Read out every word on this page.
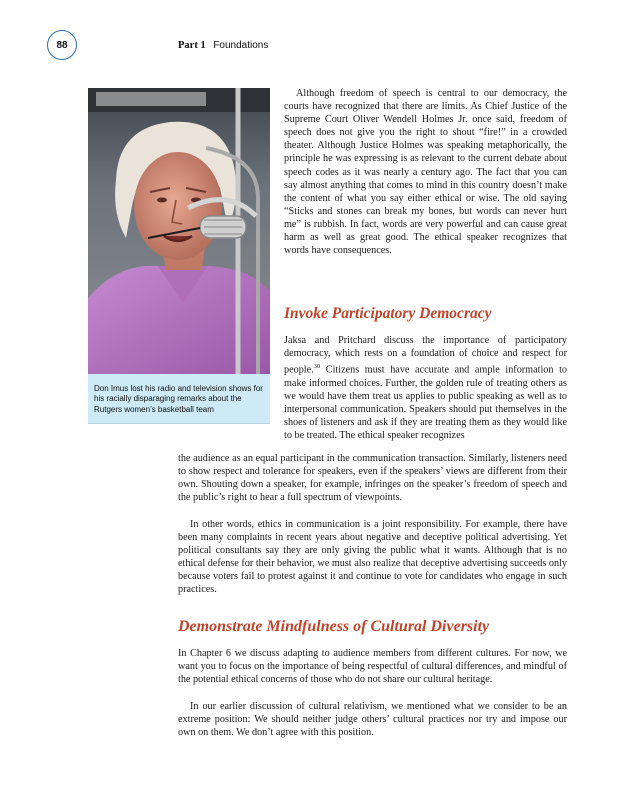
88	Part 1 Foundations
Don Imus lost his radio and television shows for his racially disparaging remarks about the Rutgers women’s basketball team

Although freedom of speech is central to our democracy, the courts have recognized that there are limits. As Chief Justice of the Supreme Court Oliver Wendell Holmes Jr. once said, freedom of speech does not give you the right to shout “fire!” in a crowded theater. Although Justice Holmes was speaking metaphorically, the principle he was expressing is as relevant to the current debate about speech codes as it was nearly a century ago. The fact that you can say almost anything that comes to mind in this country doesn’t make the content of what you say either ethical or wise. The old saying “Sticks and stones can break my bones, but words can never hurt me” is rubbish. In fact, words are very powerful and can cause great harm as well as great good. The ethical speaker recognizes that words have consequences.

Invoke Participatory Democracy

Jaksa and Pritchard discuss the importance of participatory democracy, which rests on a foundation of choice and respect for people.$^{30}$ Citizens must have accurate and ample information to make informed choices. Further, the golden rule of treating others as we would have them treat us applies to public speaking as well as to interpersonal communication. Speakers should put themselves in the shoes of listeners and ask if they are treating them as they would like to be treated. The ethical speaker recognizes

the audience as an equal participant in the communication transaction. Similarly, listeners need to show respect and tolerance for speakers, even if the speakers’ views are different from their own. Shouting down a speaker, for example, infringes on the speaker’s freedom of speech and the public’s right to hear a full spectrum of viewpoints.

In other words, ethics in communication is a joint responsibility. For example, there have been many complaints in recent years about negative and deceptive political advertising. Yet political consultants say they are only giving the public what it wants. Although that is no ethical defense for their behavior, we must also realize that deceptive advertising succeeds only because voters fail to protest against it and continue to vote for candidates who engage in such practices.

Demonstrate Mindfulness of Cultural Diversity

In Chapter 6 we discuss adapting to audience members from different cultures. For now, we want you to focus on the importance of being respectful of cultural differences, and mindful of the potential ethical concerns of those who do not share our cultural heritage.

In our earlier discussion of cultural relativism, we mentioned what we consider to be an extreme position: We should neither judge others’ cultural practices nor try and impose our own on them. We don’t agree with this position.
